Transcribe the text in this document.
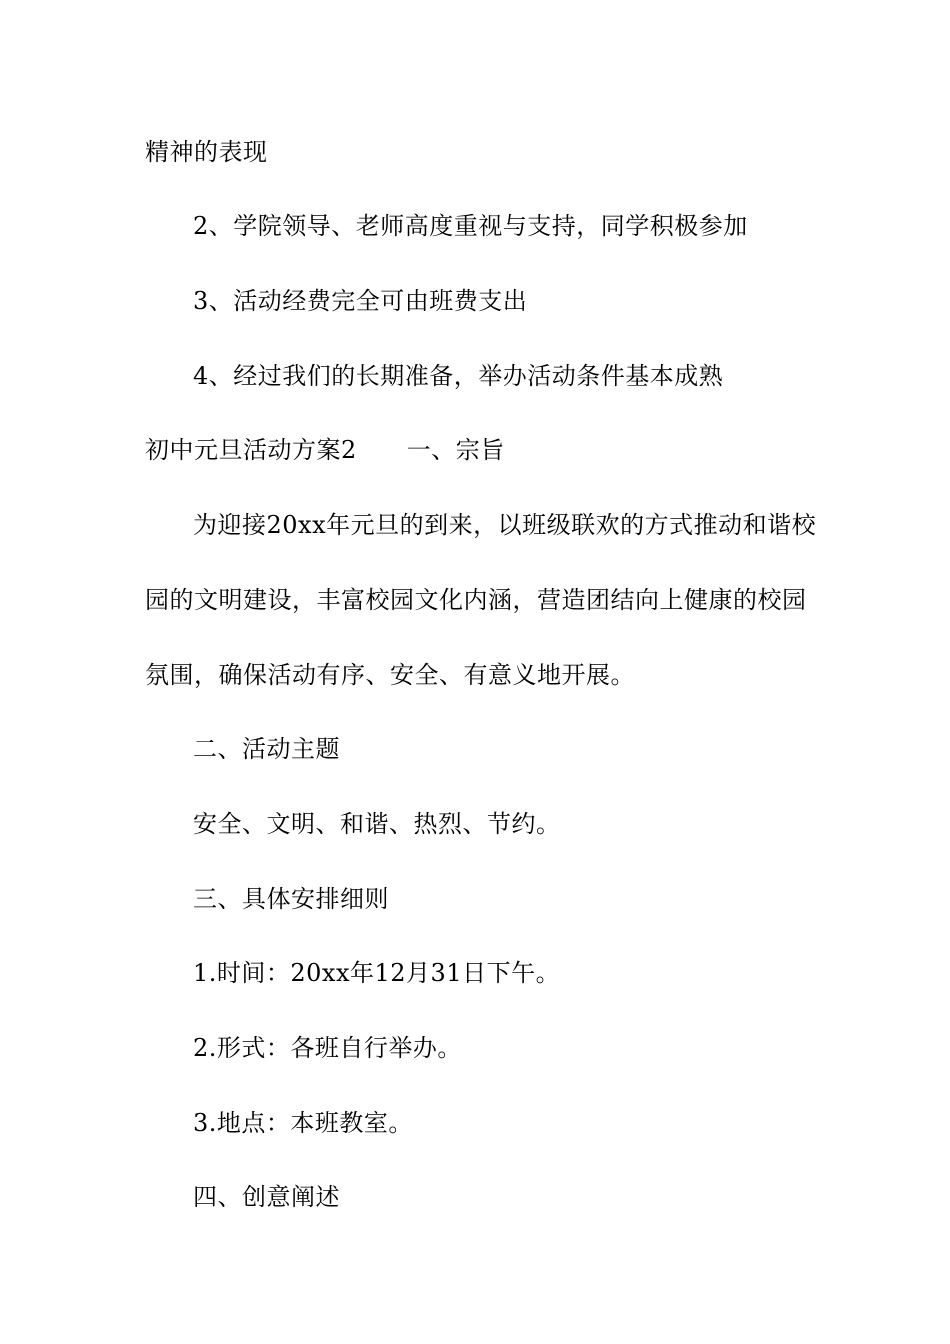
精神的表现
2、学院领导、老师高度重视与支持，同学积极参加
3、活动经费完全可由班费支出
4、经过我们的长期准备，举办活动条件基本成熟
初中元旦活动方案2 一、宗旨
为迎接20xx年元旦的到来，以班级联欢的方式推动和谐校
园的文明建设，丰富校园文化内涵，营造团结向上健康的校园
氛围，确保活动有序、安全、有意义地开展。
二、活动主题
安全、文明、和谐、热烈、节约。
三、具体安排细则
1.时间：20xx年12月31日下午。
2.形式：各班自行举办。
3.地点：本班教室。
四、创意阐述
